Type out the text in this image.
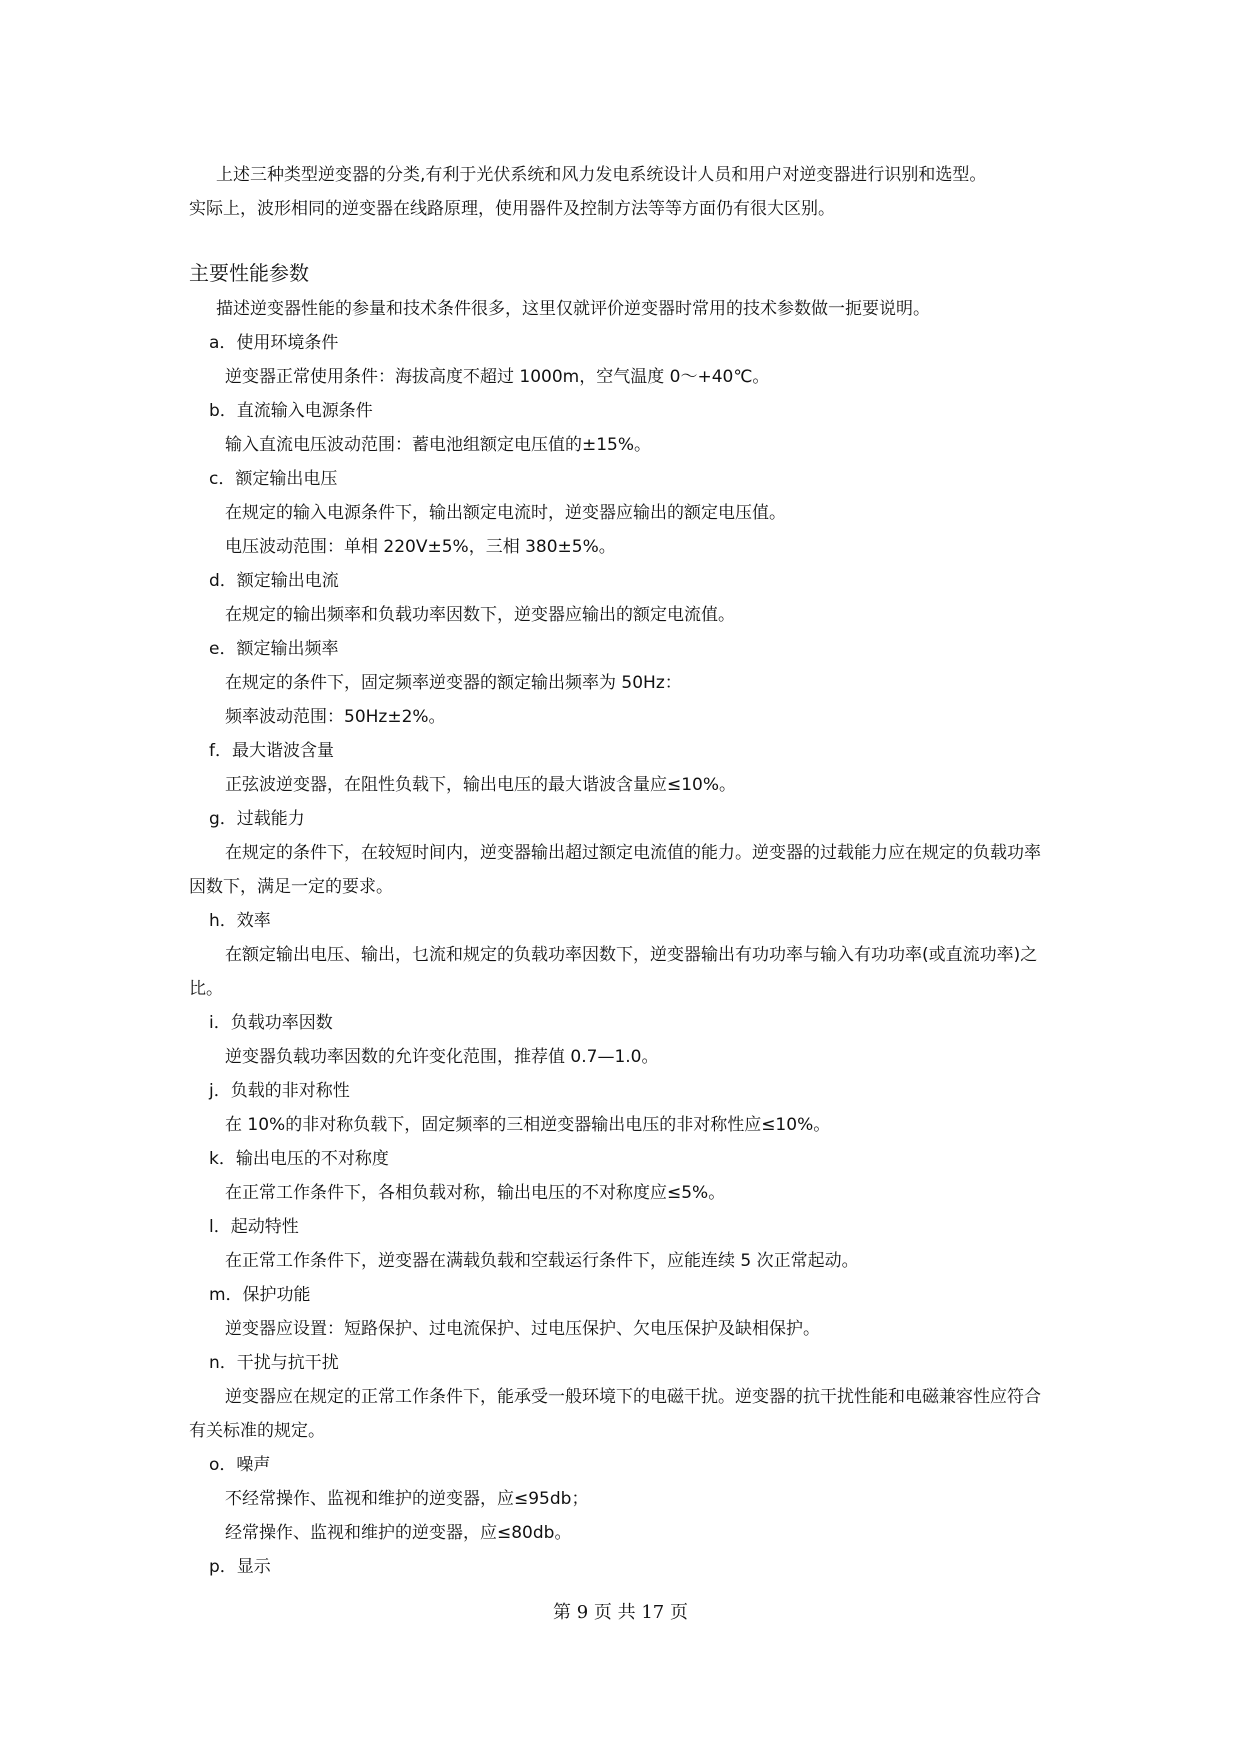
上述三种类型逆变器的分类,有利于光伏系统和风力发电系统设计人员和用户对逆变器进行识别和选型。

实际上，波形相同的逆变器在线路原理，使用器件及控制方法等等方面仍有很大区别。

主要性能参数

描述逆变器性能的参量和技术条件很多，这里仅就评价逆变器时常用的技术参数做一扼要说明。

a．使用环境条件

逆变器正常使用条件：海拔高度不超过 1000m，空气温度 0～+40℃。

b．直流输入电源条件

输入直流电压波动范围：蓄电池组额定电压值的±15%。

c．额定输出电压

在规定的输入电源条件下，输出额定电流时，逆变器应输出的额定电压值。

电压波动范围：单相 220V±5%，三相 380±5%。

d．额定输出电流

在规定的输出频率和负载功率因数下，逆变器应输出的额定电流值。

e．额定输出频率

在规定的条件下，固定频率逆变器的额定输出频率为 50Hz：

频率波动范围：50Hz±2%。

f．最大谐波含量

正弦波逆变器，在阻性负载下，输出电压的最大谐波含量应≤10%。

g．过载能力

在规定的条件下，在较短时间内，逆变器输出超过额定电流值的能力。逆变器的过载能力应在规定的负载功率因数下，满足一定的要求。

h．效率

在额定输出电压、输出，乜流和规定的负载功率因数下，逆变器输出有功功率与输入有功功率(或直流功率)之比。

i．负载功率因数

逆变器负载功率因数的允许变化范围，推荐值 0.7—1.0。

j．负载的非对称性

在 10%的非对称负载下，固定频率的三相逆变器输出电压的非对称性应≤10%。

k．输出电压的不对称度

在正常工作条件下，各相负载对称，输出电压的不对称度应≤5%。

l．起动特性

在正常工作条件下，逆变器在满载负载和空载运行条件下，应能连续 5 次正常起动。

m．保护功能

逆变器应设置：短路保护、过电流保护、过电压保护、欠电压保护及缺相保护。

n．干扰与抗干扰

逆变器应在规定的正常工作条件下，能承受一般环境下的电磁干扰。逆变器的抗干扰性能和电磁兼容性应符合有关标准的规定。

o．噪声

不经常操作、监视和维护的逆变器，应≤95db；

经常操作、监视和维护的逆变器，应≤80db。

p．显示

第 9 页 共 17 页
